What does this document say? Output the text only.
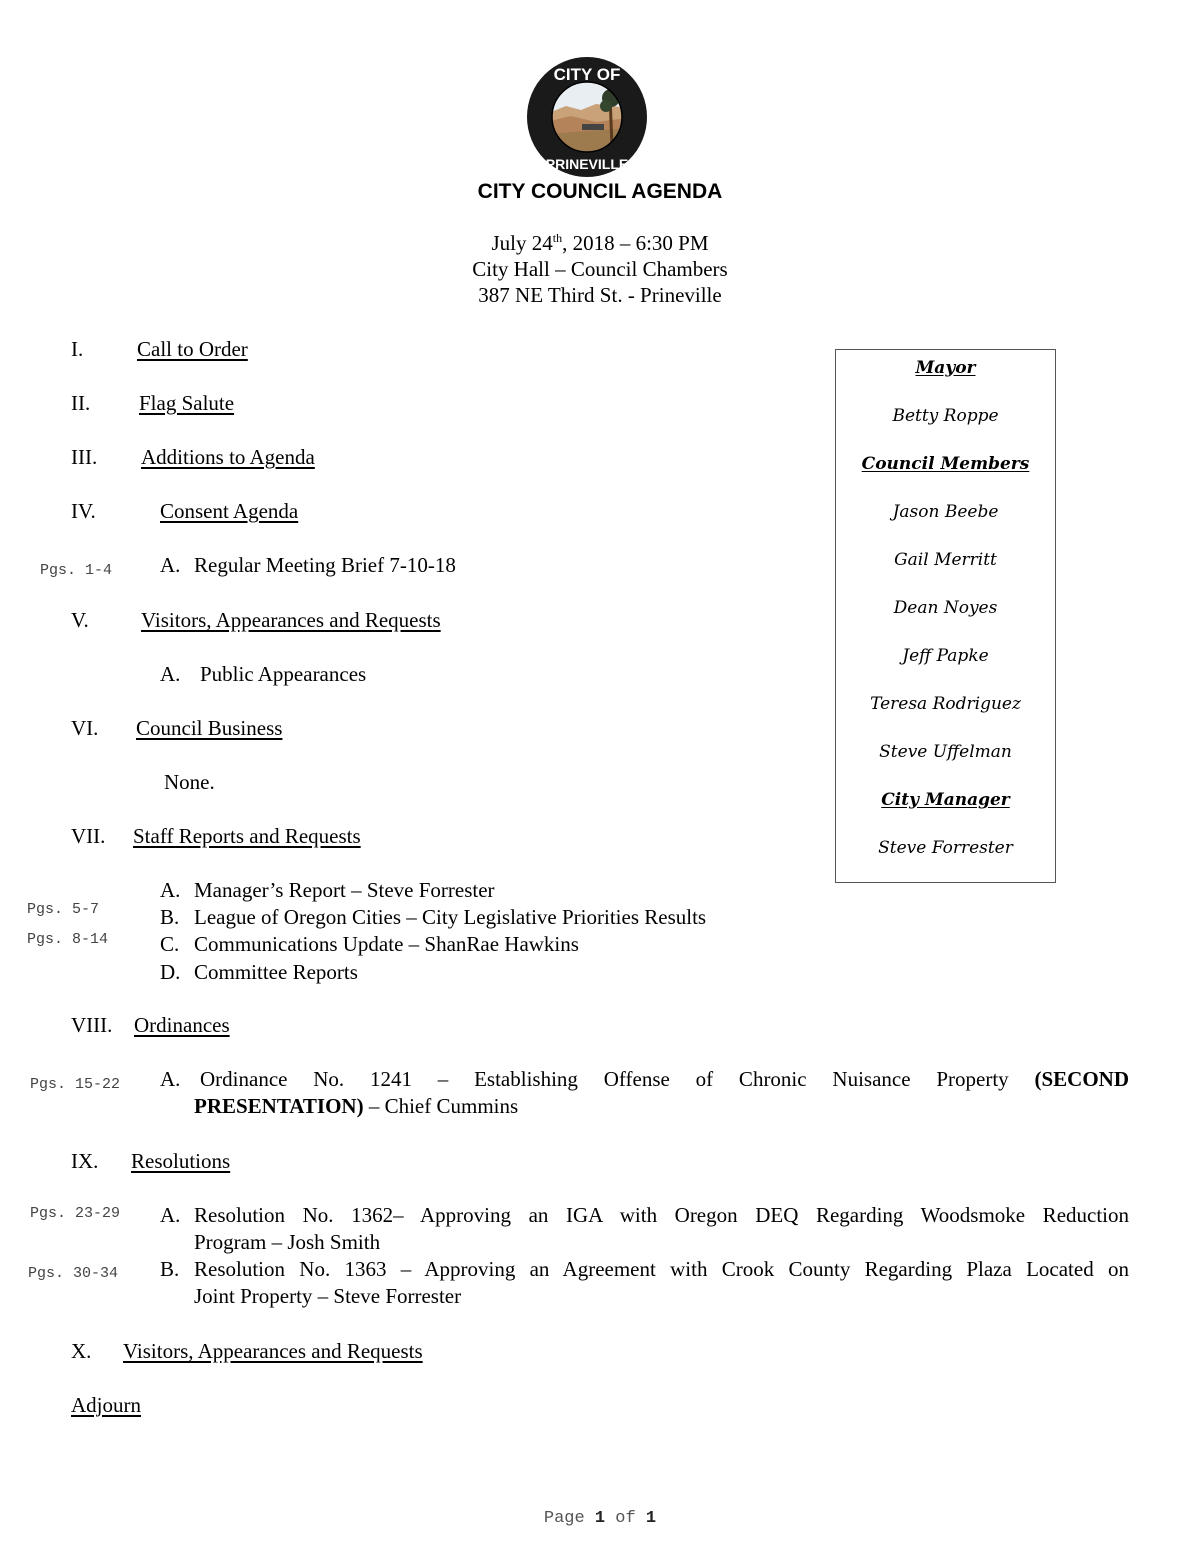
CITY OF
PRINEVILLE
CITY COUNCIL AGENDA
July 24th, 2018 – 6:30 PM
City Hall – Council Chambers
387 NE Third St. - Prineville
I.	Call to Order
II. Flag Salute
III. Additions to Agenda
IV.	Consent Agenda
Pgs. 1-4 A. Regular Meeting Brief 7-10-18
V. Visitors, Appearances and Requests
A. Public Appearances
VI. Council Business
None.
VII. Staff Reports and Requests
A. Manager’s Report – Steve Forrester
Pgs. 5-7	B. League of Oregon Cities – City Legislative Priorities Results
Pgs. 8-14 C. Communications Update – ShanRae Hawkins
D. Committee Reports
VIII. Ordinances
Pgs. 15-22 A. Ordinance No. 1241 – Establishing Offense of Chronic Nuisance Property (SECOND
PRESENTATION) – Chief Cummins
IX. Resolutions
Pgs. 23-29 A. Resolution No. 1362– Approving an IGA with Oregon DEQ Regarding Woodsmoke Reduction
Program – Josh Smith
Pgs. 30-34 B. Resolution No. 1363 – Approving an Agreement with Crook County Regarding Plaza Located on
Joint Property – Steve Forrester
X. Visitors, Appearances and Requests
Adjourn
Mayor
Betty Roppe
Council Members
Jason Beebe
Gail Merritt
Dean Noyes
Jeff Papke
Teresa Rodriguez
Steve Uffelman
City Manager
Steve Forrester
Page 1 of 1
